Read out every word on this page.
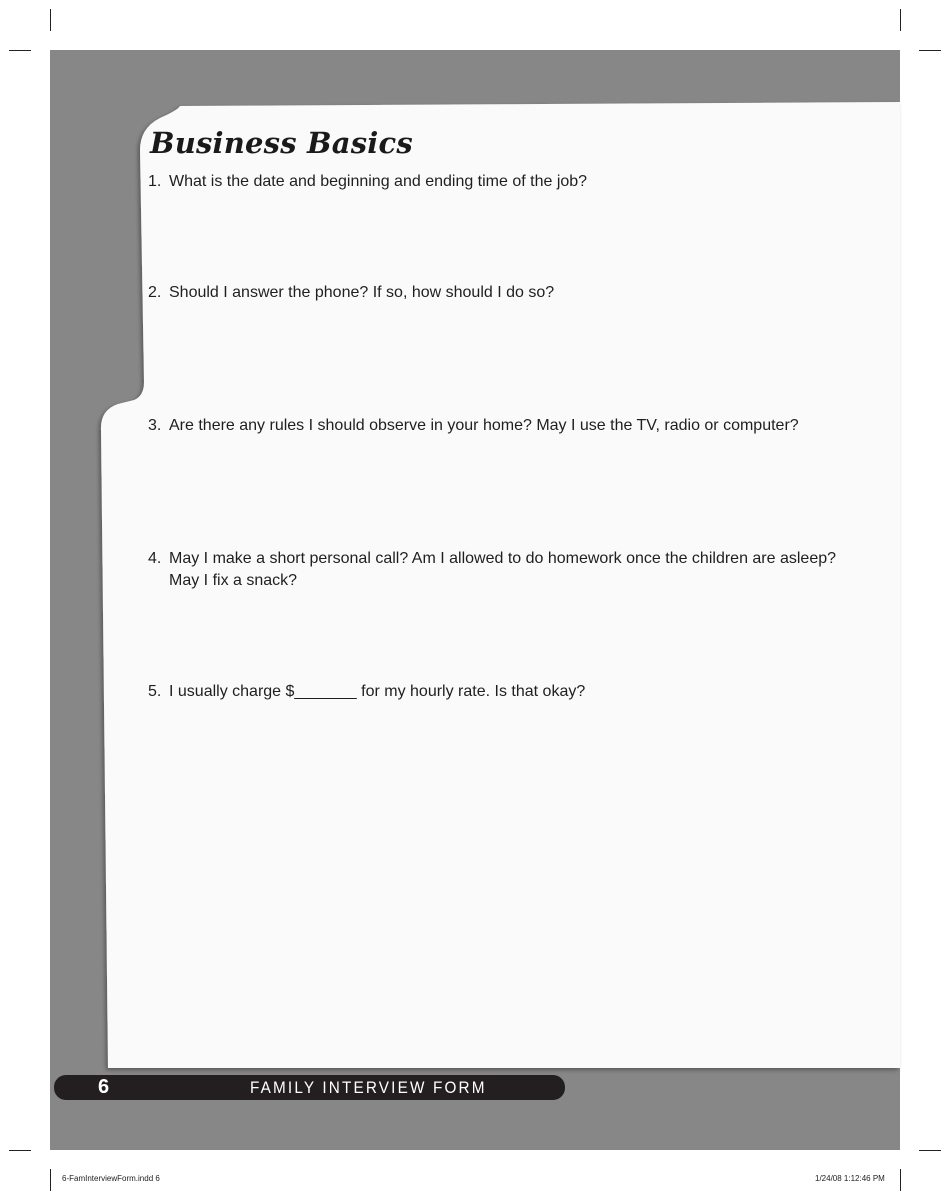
Business Basics
1. What is the date and beginning and ending time of the job?
2. Should I answer the phone? If so, how should I do so?
3. Are there any rules I should observe in your home? May I use the TV, radio or computer?
4. May I make a short personal call? Am I allowed to do homework once the children are asleep? May I fix a snack?
5. I usually charge $_______ for my hourly rate. Is that okay?
6	FAMILY INTERVIEW FORM
6-FamInterviewForm.indd 6	1/24/08 1:12:46 PM
